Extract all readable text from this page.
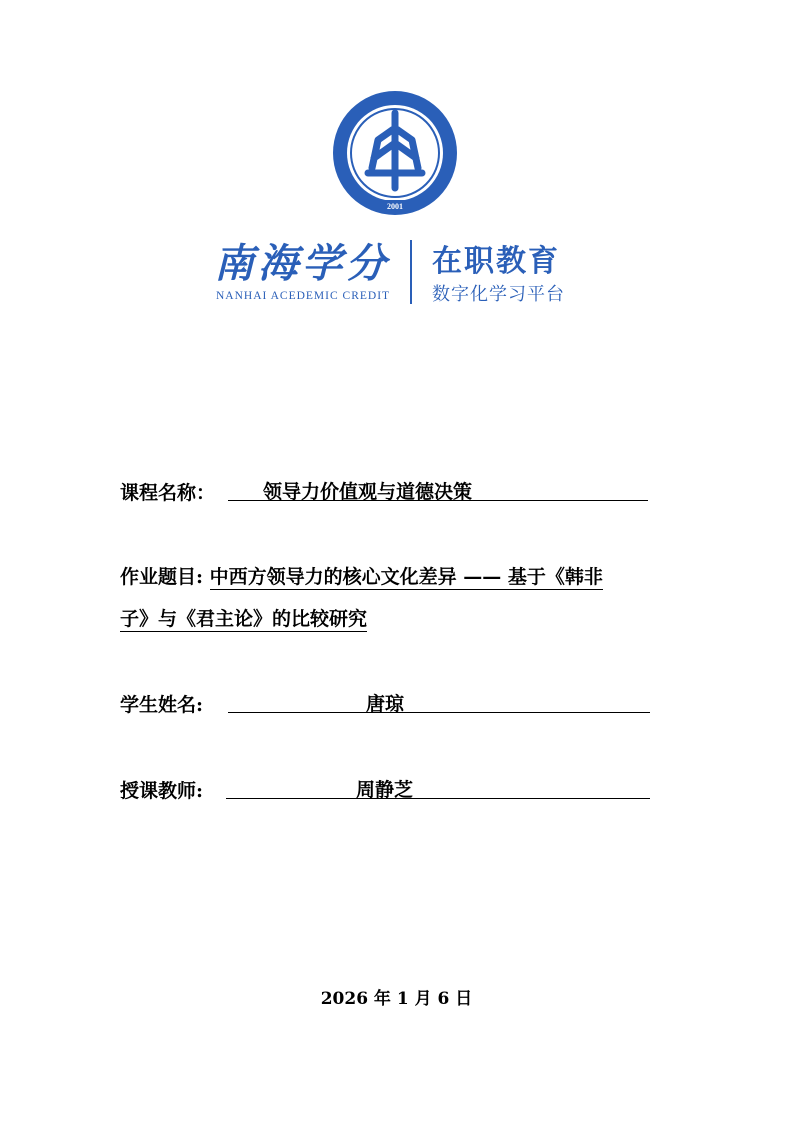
2001
南海学分
NANHAI ACEDEMIC CREDIT
在职教育
数字化学习平台
课程名称：	领导力价值观与道德决策
作业题目: 中西方领导力的核心文化差异 —— 基于《韩非
子》与《君主论》的比较研究
学生姓名:	唐琼
授课教师:	周静芝
2026 年 1 月 6 日
